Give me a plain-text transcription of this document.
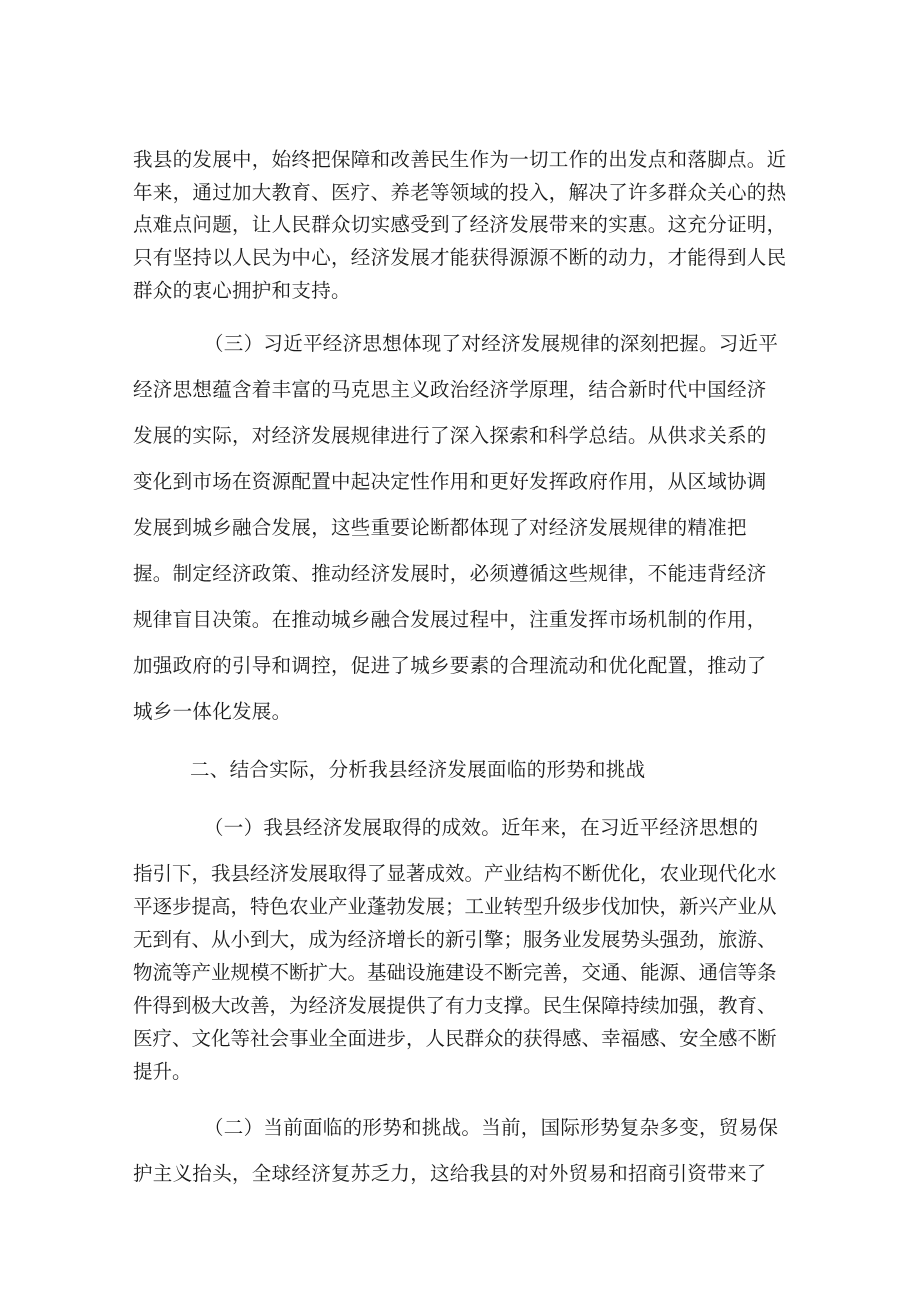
我县的发展中，始终把保障和改善民生作为一切工作的出发点和落脚点。近
年来，通过加大教育、医疗、养老等领域的投入，解决了许多群众关心的热
点难点问题，让人民群众切实感受到了经济发展带来的实惠。这充分证明，
只有坚持以人民为中心，经济发展才能获得源源不断的动力，才能得到人民
群众的衷心拥护和支持。
（三）习近平经济思想体现了对经济发展规律的深刻把握。习近平
经济思想蕴含着丰富的马克思主义政治经济学原理，结合新时代中国经济
发展的实际，对经济发展规律进行了深入探索和科学总结。从供求关系的
变化到市场在资源配置中起决定性作用和更好发挥政府作用，从区域协调
发展到城乡融合发展，这些重要论断都体现了对经济发展规律的精准把
握。制定经济政策、推动经济发展时，必须遵循这些规律，不能违背经济
规律盲目决策。在推动城乡融合发展过程中，注重发挥市场机制的作用，
加强政府的引导和调控，促进了城乡要素的合理流动和优化配置，推动了
城乡一体化发展。
二、结合实际，分析我县经济发展面临的形势和挑战
（一）我县经济发展取得的成效。近年来，在习近平经济思想的
指引下，我县经济发展取得了显著成效。产业结构不断优化，农业现代化水
平逐步提高，特色农业产业蓬勃发展；工业转型升级步伐加快，新兴产业从
无到有、从小到大，成为经济增长的新引擎；服务业发展势头强劲，旅游、
物流等产业规模不断扩大。基础设施建设不断完善，交通、能源、通信等条
件得到极大改善，为经济发展提供了有力支撑。民生保障持续加强，教育、
医疗、文化等社会事业全面进步，人民群众的获得感、幸福感、安全感不断
提升。
（二）当前面临的形势和挑战。当前，国际形势复杂多变，贸易保
护主义抬头，全球经济复苏乏力，这给我县的对外贸易和招商引资带来了
